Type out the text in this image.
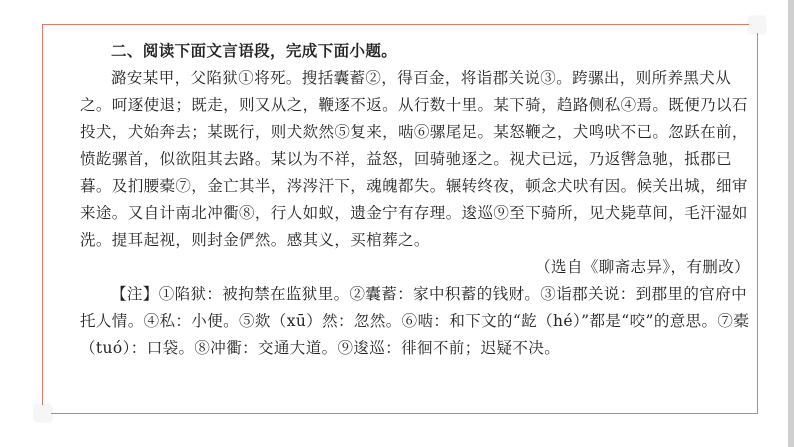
二、阅读下面文言语段，完成下面小题。

潞安某甲，父陷狱①将死。搜括囊蓄②，得百金，将诣郡关说③。跨骡出，则所养黑犬从之。呵逐使退；既走，则又从之，鞭逐不返。从行数十里。某下骑，趋路侧私④焉。既便乃以石投犬，犬始奔去；某既行，则犬欻然⑤复来，啮⑥骡尾足。某怒鞭之，犬鸣吠不已。忽跃在前，愤龁骡首，似欲阻其去路。某以为不祥，益怒，回骑驰逐之。视犬已远，乃返辔急驰，抵郡已暮。及扪腰橐⑦，金亡其半，涔涔汗下，魂魄都失。辗转终夜，顿念犬吠有因。候关出城，细审来途。又自计南北冲衢⑧，行人如蚁，遗金宁有存理。逡巡⑨至下骑所，见犬毙草间，毛汗湿如洗。提耳起视，则封金俨然。感其义，买棺葬之。

（选自《聊斋志异》，有删改）

【注】①陷狱：被拘禁在监狱里。②囊蓄：家中积蓄的钱财。③诣郡关说：到郡里的官府中托人情。④私：小便。⑤欻（xū）然：忽然。⑥啮：和下文的“龁（hé）”都是“咬”的意思。⑦橐（tuó）：口袋。⑧冲衢：交通大道。⑨逡巡：徘徊不前；迟疑不决。
